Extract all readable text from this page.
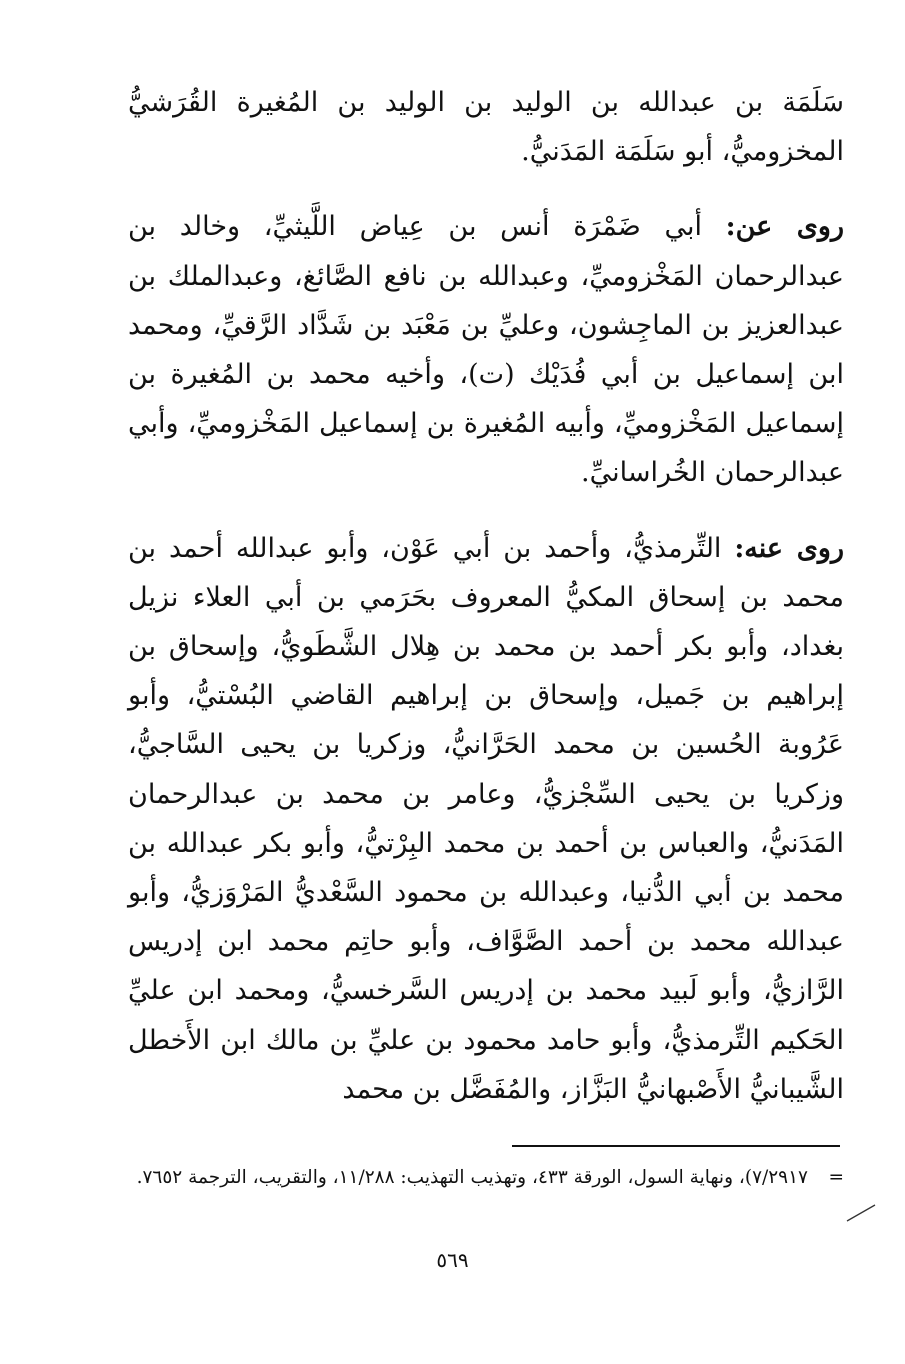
سَلَمَة بن عبدالله بن الوليد بن الوليد بن المُغيرة القُرَشيُّ المخزوميُّ، أبو سَلَمَة المَدَنيُّ.

روى عن: أبي ضَمْرَة أنس بن عِياض اللَّيثيِّ، وخالد بن عبدالرحمان المَخْزوميِّ، وعبدالله بن نافع الصَّائغ، وعبدالملك بن عبدالعزيز بن الماجِشون، وعليِّ بن مَعْبَد بن شَدَّاد الرَّقيِّ، ومحمد ابن إسماعيل بن أبي فُدَيْك (ت)، وأخيه محمد بن المُغيرة بن إسماعيل المَخْزوميِّ، وأبيه المُغيرة بن إسماعيل المَخْزوميِّ، وأبي عبدالرحمان الخُراسانيِّ.

روى عنه: التِّرمذيُّ، وأحمد بن أبي عَوْن، وأبو عبدالله أحمد بن محمد بن إسحاق المكيُّ المعروف بحَرَمي بن أبي العلاء نزيل بغداد، وأبو بكر أحمد بن محمد بن هِلال الشَّطَويُّ، وإسحاق بن إبراهيم بن جَميل، وإسحاق بن إبراهيم القاضي البُسْتيُّ، وأبو عَرُوبة الحُسين بن محمد الحَرَّانيُّ، وزكريا بن يحيى السَّاجيُّ، وزكريا بن يحيى السِّجْزيُّ، وعامر بن محمد بن عبدالرحمان المَدَنيُّ، والعباس بن أحمد بن محمد البِرْتيُّ، وأبو بكر عبدالله بن محمد بن أبي الدُّنيا، وعبدالله بن محمود السَّعْديُّ المَرْوَزيُّ، وأبو عبدالله محمد بن أحمد الصَّوَّاف، وأبو حاتِم محمد ابن إدريس الرَّازيُّ، وأبو لَبيد محمد بن إدريس السَّرخسيُّ، ومحمد ابن عليِّ الحَكيم التِّرمذيُّ، وأبو حامد محمود بن عليِّ بن مالك ابن الأَخطل الشَّيبانيُّ الأَصْبهانيُّ البَزَّاز، والمُفَضَّل بن محمد

=٧/٢٩١٧)، ونهاية السول، الورقة ٤٣٣، وتهذيب التهذيب: ١١/٢٨٨، والتقريب، الترجمة ٧٦٥٢.
٥٦٩
